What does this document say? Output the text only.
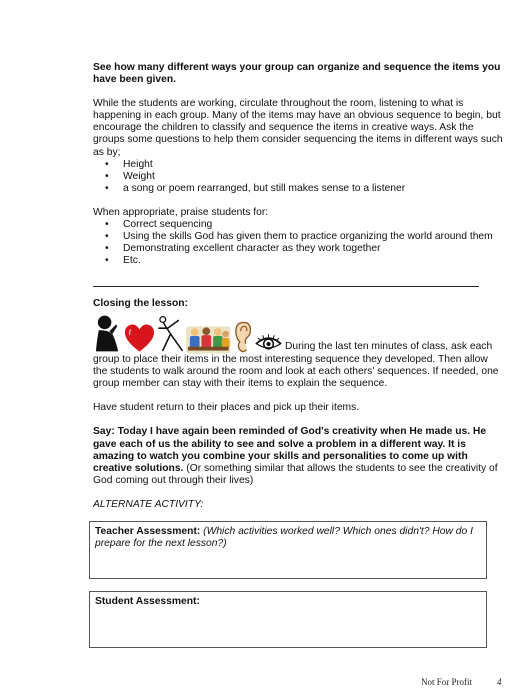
See how many different ways your group can organize and sequence the items you have been given.

While the students are working, circulate throughout the room, listening to what is happening in each group. Many of the items may have an obvious sequence to begin, but encourage the children to classify and sequence the items in creative ways. Ask the groups some questions to help them consider sequencing the items in different ways such as by;

• Height
• Weight
• a song or poem rearranged, but still makes sense to a listener

When appropriate, praise students for:

• Correct sequencing
• Using the skills God has given them to practice organizing the world around them
• Demonstrating excellent character as they work together
• Etc.

Closing the lesson:

During the last ten minutes of class, ask each

group to place their items in the most interesting sequence they developed. Then allow the students to walk around the room and look at each others' sequences. If needed, one group member can stay with their items to explain the sequence.

Have student return to their places and pick up their items.

Say: Today I have again been reminded of God's creativity when He made us. He gave each of us the ability to see and solve a problem in a different way. It is amazing to watch you combine your skills and personalities to come up with creative solutions. (Or something similar that allows the students to see the creativity of God coming out through their lives)

ALTERNATE ACTIVITY:

Teacher Assessment: (Which activities worked well? Which ones didn't? How do I prepare for the next lesson?)

Student Assessment:

Not For Profit	4
